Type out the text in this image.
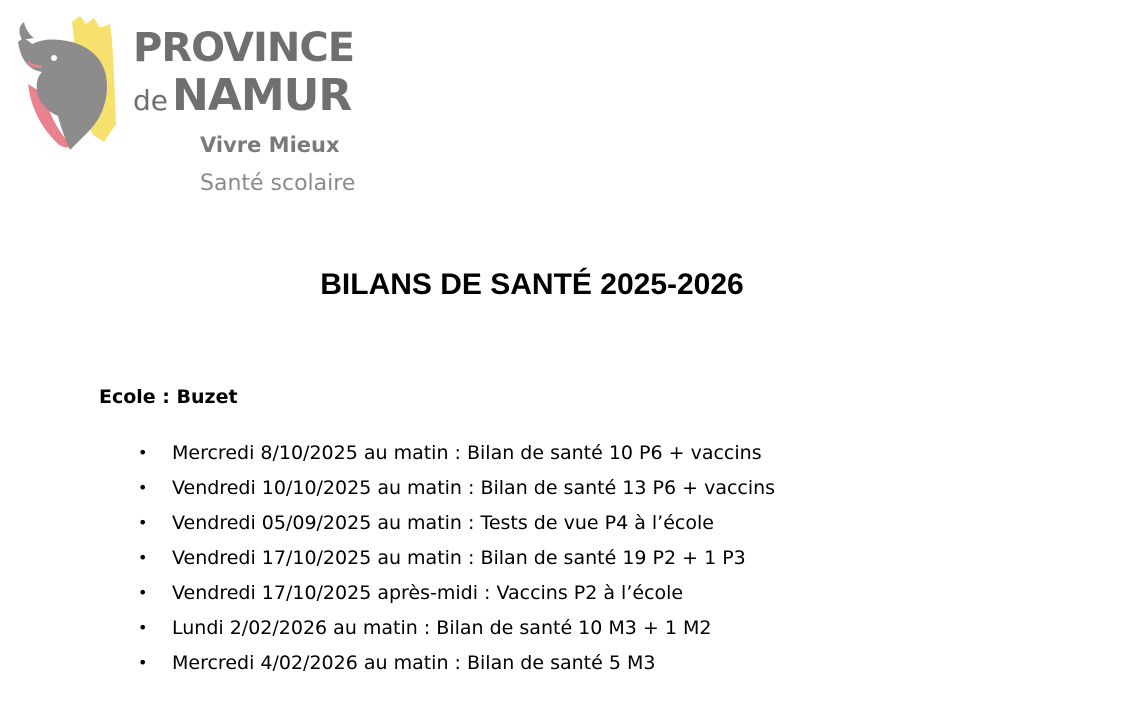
PROVINCE
deNAMUR
Vivre Mieux
Santé scolaire
BILANS DE SANTÉ 2025-2026
Ecole : Buzet
• Mercredi 8/10/2025 au matin : Bilan de santé 10 P6 + vaccins
• Vendredi 10/10/2025 au matin : Bilan de santé 13 P6 + vaccins
• Vendredi 05/09/2025 au matin : Tests de vue P4 à l’école
• Vendredi 17/10/2025 au matin : Bilan de santé 19 P2 + 1 P3
• Vendredi 17/10/2025 après-midi : Vaccins P2 à l’école
• Lundi 2/02/2026 au matin : Bilan de santé 10 M3 + 1 M2
• Mercredi 4/02/2026 au matin : Bilan de santé 5 M3
